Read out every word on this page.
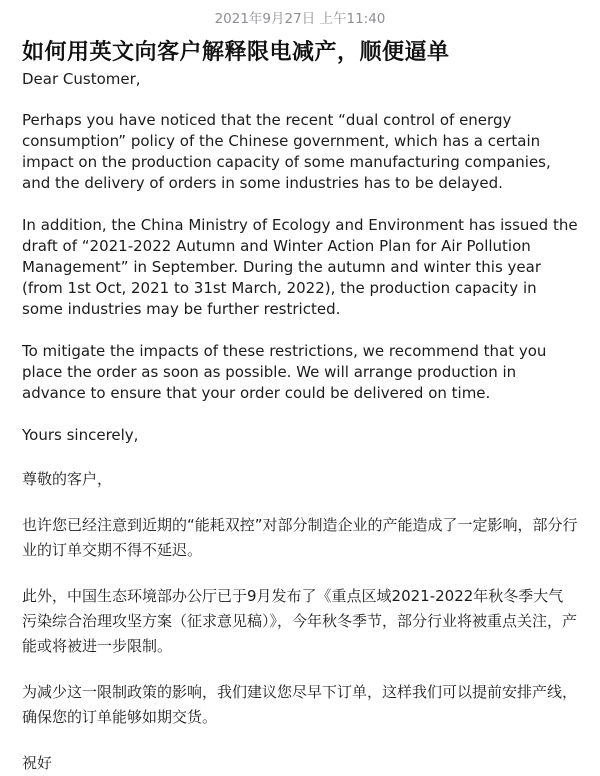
2021年9月27日 上午11:40
如何用英文向客户解释限电减产，顺便逼单

Dear Customer,

Perhaps you have noticed that the recent “dual control of energy consumption” policy of the Chinese government, which has a certain impact on the production capacity of some manufacturing companies, and the delivery of orders in some industries has to be delayed.

In addition, the China Ministry of Ecology and Environment has issued the draft of “2021-2022 Autumn and Winter Action Plan for Air Pollution Management” in September. During the autumn and winter this year (from 1st Oct, 2021 to 31st March, 2022), the production capacity in some industries may be further restricted.

To mitigate the impacts of these restrictions, we recommend that you place the order as soon as possible. We will arrange production in advance to ensure that your order could be delivered on time.

Yours sincerely,

尊敬的客户，

也许您已经注意到近期的“能耗双控”对部分制造企业的产能造成了一定影响，部分行业的订单交期不得不延迟。

此外，中国生态环境部办公厅已于9月发布了《重点区域2021-2022年秋冬季大气污染综合治理攻坚方案（征求意见稿）》，今年秋冬季节，部分行业将被重点关注，产能或将被进一步限制。

为减少这一限制政策的影响，我们建议您尽早下订单，这样我们可以提前安排产线，确保您的订单能够如期交货。

祝好
